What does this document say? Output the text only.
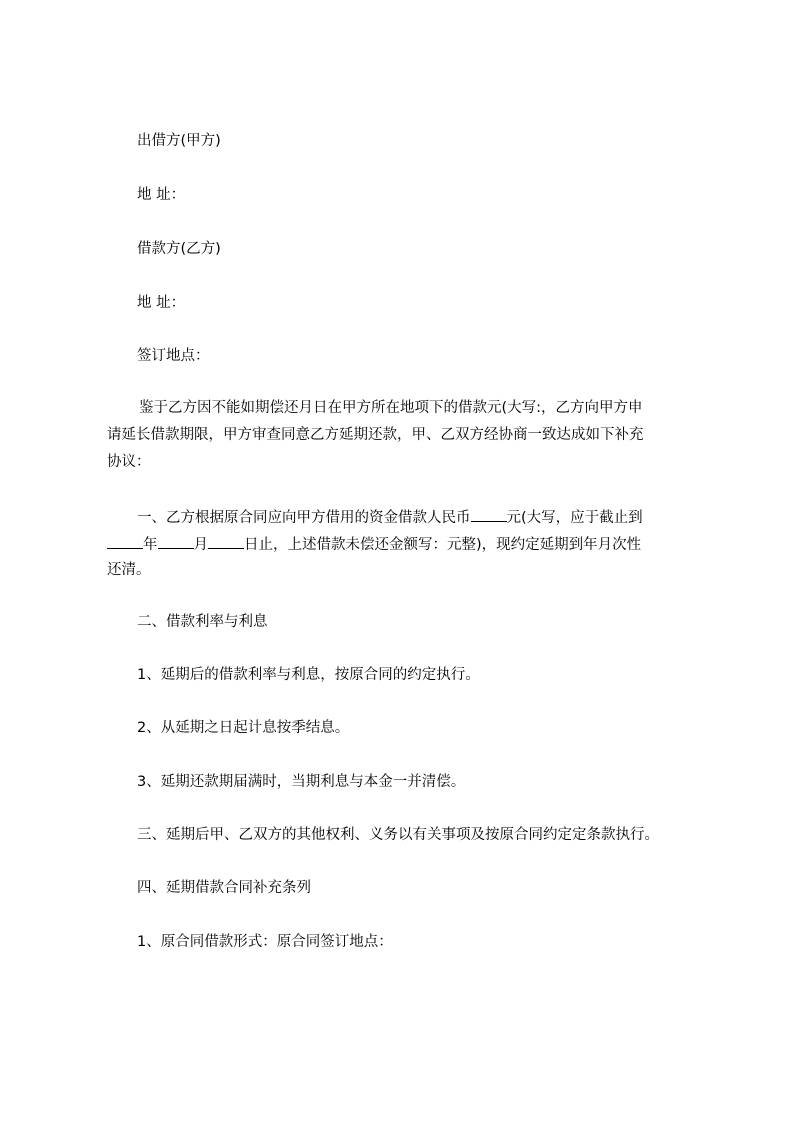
出借方(甲方)
地 址：
借款方(乙方)
地 址：
签订地点：
鉴于乙方因不能如期偿还月日在甲方所在地项下的借款元(大写:，乙方向甲方申
请延长借款期限，甲方审查同意乙方延期还款，甲、乙双方经协商一致达成如下补充
协议：
一、乙方根据原合同应向甲方借用的资金借款人民币 元(大写，应于截止到
年 月 日止，上述借款未偿还金额写：元整)，现约定延期到年月次性
还清。
二、借款利率与利息
1、延期后的借款利率与利息，按原合同的约定执行。
2、从延期之日起计息按季结息。
3、延期还款期届满时，当期利息与本金一并清偿。
三、延期后甲、乙双方的其他权利、义务以有关事项及按原合同约定定条款执行。
四、延期借款合同补充条列
1、原合同借款形式：原合同签订地点：
